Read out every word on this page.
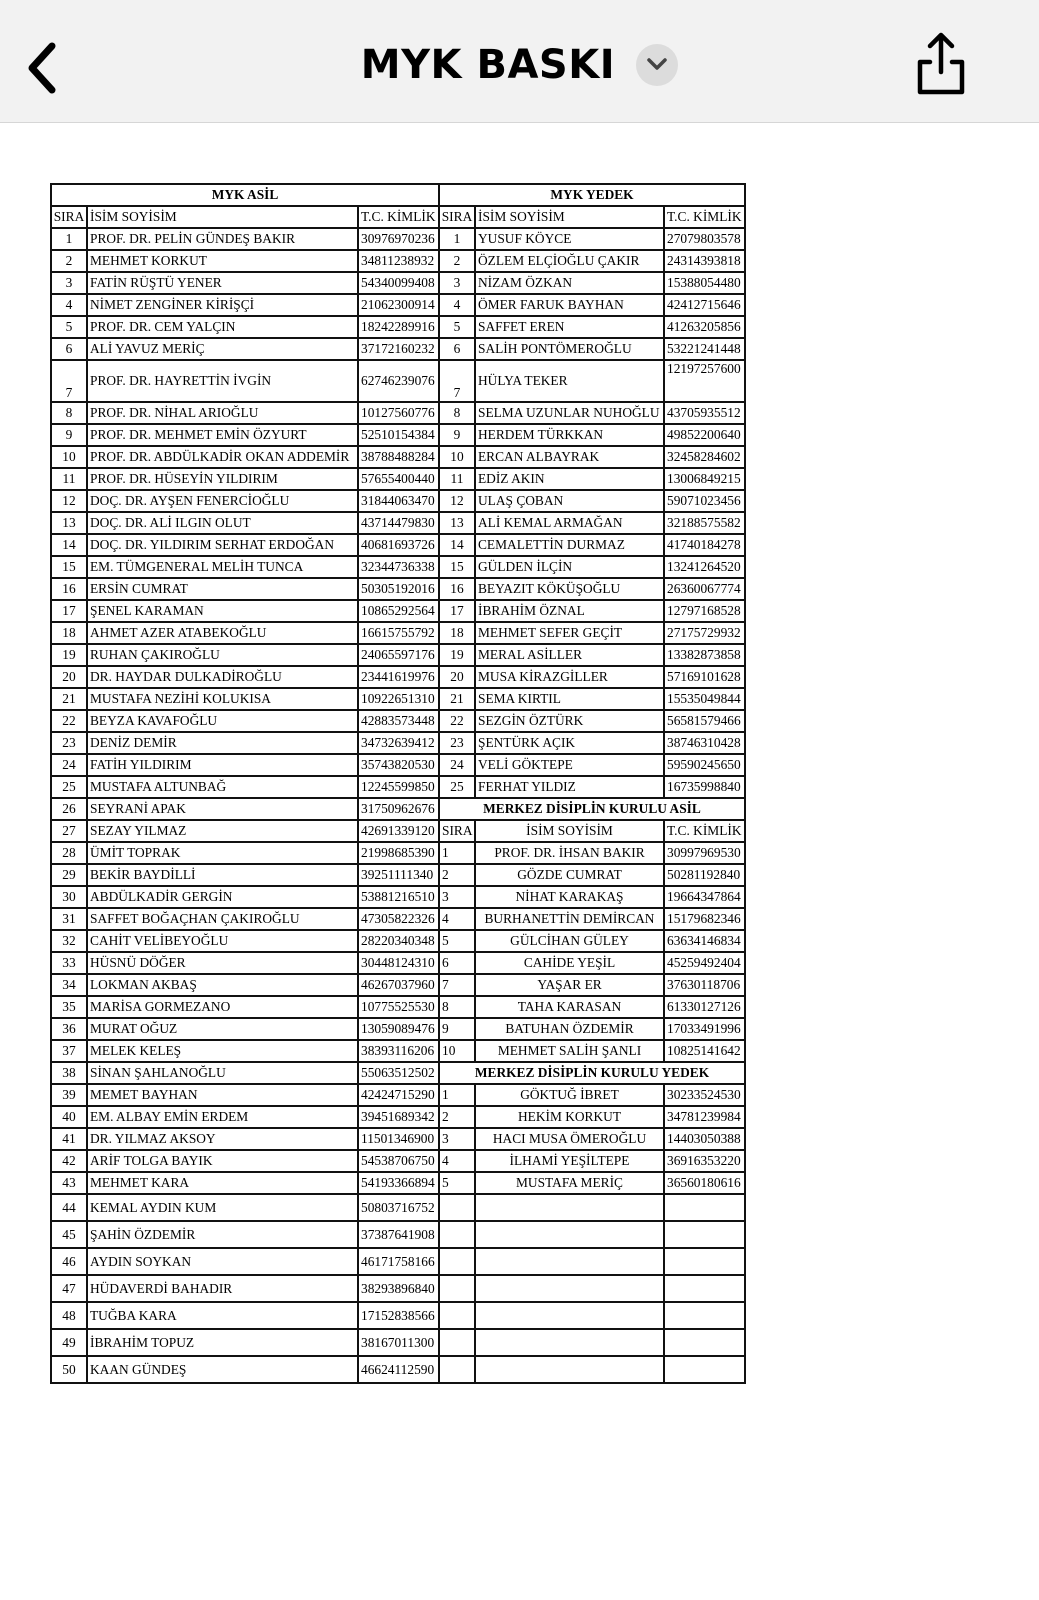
MYK BASKI
MYK ASİL			MYK YEDEK		
SIRA	İSİM SOYİSİM	T.C. KİMLİK	SIRA	İSİM SOYİSİM	T.C. KİMLİK
1	PROF. DR. PELİN GÜNDEŞ BAKIR	30976970236	1	YUSUF KÖYCE	27079803578
2	MEHMET KORKUT	34811238932	2	ÖZLEM ELÇİOĞLU ÇAKIR	24314393818
3	FATİN RÜŞTÜ YENER	54340099408	3	NİZAM ÖZKAN	15388054480
4	NİMET ZENGİNER KİRİŞÇİ	21062300914	4	ÖMER FARUK BAYHAN	42412715646
5	PROF. DR. CEM YALÇIN	18242289916	5	SAFFET EREN	41263205856
6	ALİ YAVUZ MERİÇ	37172160232	6	SALİH PONTÖMEROĞLU	53221241448
7	PROF. DR. HAYRETTİN İVGİN	62746239076	7	HÜLYA TEKER	12197257600
8	PROF. DR. NİHAL ARIOĞLU	10127560776	8	SELMA UZUNLAR NUHOĞLU	43705935512
9	PROF. DR. MEHMET EMİN ÖZYURT	52510154384	9	HERDEM TÜRKKAN	49852200640
10	PROF. DR. ABDÜLKADİR OKAN ADDEMİR	38788488284	10	ERCAN ALBAYRAK	32458284602
11	PROF. DR. HÜSEYİN YILDIRIM	57655400440	11	EDİZ AKIN	13006849215
12	DOÇ. DR. AYŞEN FENERCİOĞLU	31844063470	12	ULAŞ ÇOBAN	59071023456
13	DOÇ. DR. ALİ ILGIN OLUT	43714479830	13	ALİ KEMAL ARMAĞAN	32188575582
14	DOÇ. DR. YILDIRIM SERHAT ERDOĞAN	40681693726	14	CEMALETTİN DURMAZ	41740184278
15	EM. TÜMGENERAL MELİH TUNCA	32344736338	15	GÜLDEN İLÇİN	13241264520
16	ERSİN CUMRAT	50305192016	16	BEYAZIT KÖKÜŞOĞLU	26360067774
17	ŞENEL KARAMAN	10865292564	17	İBRAHİM ÖZNAL	12797168528
18	AHMET AZER ATABEKOĞLU	16615755792	18	MEHMET SEFER GEÇİT	27175729932
19	RUHAN ÇAKIROĞLU	24065597176	19	MERAL ASİLLER	13382873858
20	DR. HAYDAR DULKADİROĞLU	23441619976	20	MUSA KİRAZGİLLER	57169101628
21	MUSTAFA NEZİHİ KOLUKISA	10922651310	21	SEMA KIRTIL	15535049844
22	BEYZA KAVAFOĞLU	42883573448	22	SEZGİN ÖZTÜRK	56581579466
23	DENİZ DEMİR	34732639412	23	ŞENTÜRK AÇIK	38746310428
24	FATİH YILDIRIM	35743820530	24	VELİ GÖKTEPE	59590245650
25	MUSTAFA ALTUNBAĞ	12245599850	25	FERHAT YILDIZ	16735998840
26	SEYRANİ APAK	31750962676	MERKEZ DİSİPLİN KURULU ASİL		
27	SEZAY YILMAZ	42691339120	SIRA	İSİM SOYİSİM	T.C. KİMLİK
28	ÜMİT TOPRAK	21998685390	1	PROF. DR. İHSAN BAKIR	30997969530
29	BEKİR BAYDİLLİ	39251111340	2	GÖZDE CUMRAT	50281192840
30	ABDÜLKADİR GERGİN	53881216510	3	NİHAT KARAKAŞ	19664347864
31	SAFFET BOĞAÇHAN ÇAKIROĞLU	47305822326	4	BURHANETTİN DEMİRCAN	15179682346
32	CAHİT VELİBEYOĞLU	28220340348	5	GÜLCİHAN GÜLEY	63634146834
33	HÜSNÜ DÖĞER	30448124310	6	CAHİDE YEŞİL	45259492404
34	LOKMAN AKBAŞ	46267037960	7	YAŞAR ER	37630118706
35	MARİSA GORMEZANO	10775525530	8	TAHA KARASAN	61330127126
36	MURAT OĞUZ	13059089476	9	BATUHAN ÖZDEMİR	17033491996
37	MELEK KELEŞ	38393116206	10	MEHMET SALİH ŞANLI	10825141642
38	SİNAN ŞAHLANOĞLU	55063512502	MERKEZ DİSİPLİN KURULU YEDEK		
39	MEMET BAYHAN	42424715290	1	GÖKTUĞ İBRET	30233524530
40	EM. ALBAY EMİN ERDEM	39451689342	2	HEKİM KORKUT	34781239984
41	DR. YILMAZ AKSOY	11501346900	3	HACI MUSA ÖMEROĞLU	14403050388
42	ARİF TOLGA BAYIK	54538706750	4	İLHAMİ YEŞİLTEPE	36916353220
43	MEHMET KARA	54193366894	5	MUSTAFA MERİÇ	36560180616
44	KEMAL AYDIN KUM	50803716752			
45	ŞAHİN ÖZDEMİR	37387641908			
46	AYDIN SOYKAN	46171758166			
47	HÜDAVERDİ BAHADIR	38293896840			
48	TUĞBA KARA	17152838566			
49	İBRAHİM TOPUZ	38167011300			
50	KAAN GÜNDEŞ	46624112590			
